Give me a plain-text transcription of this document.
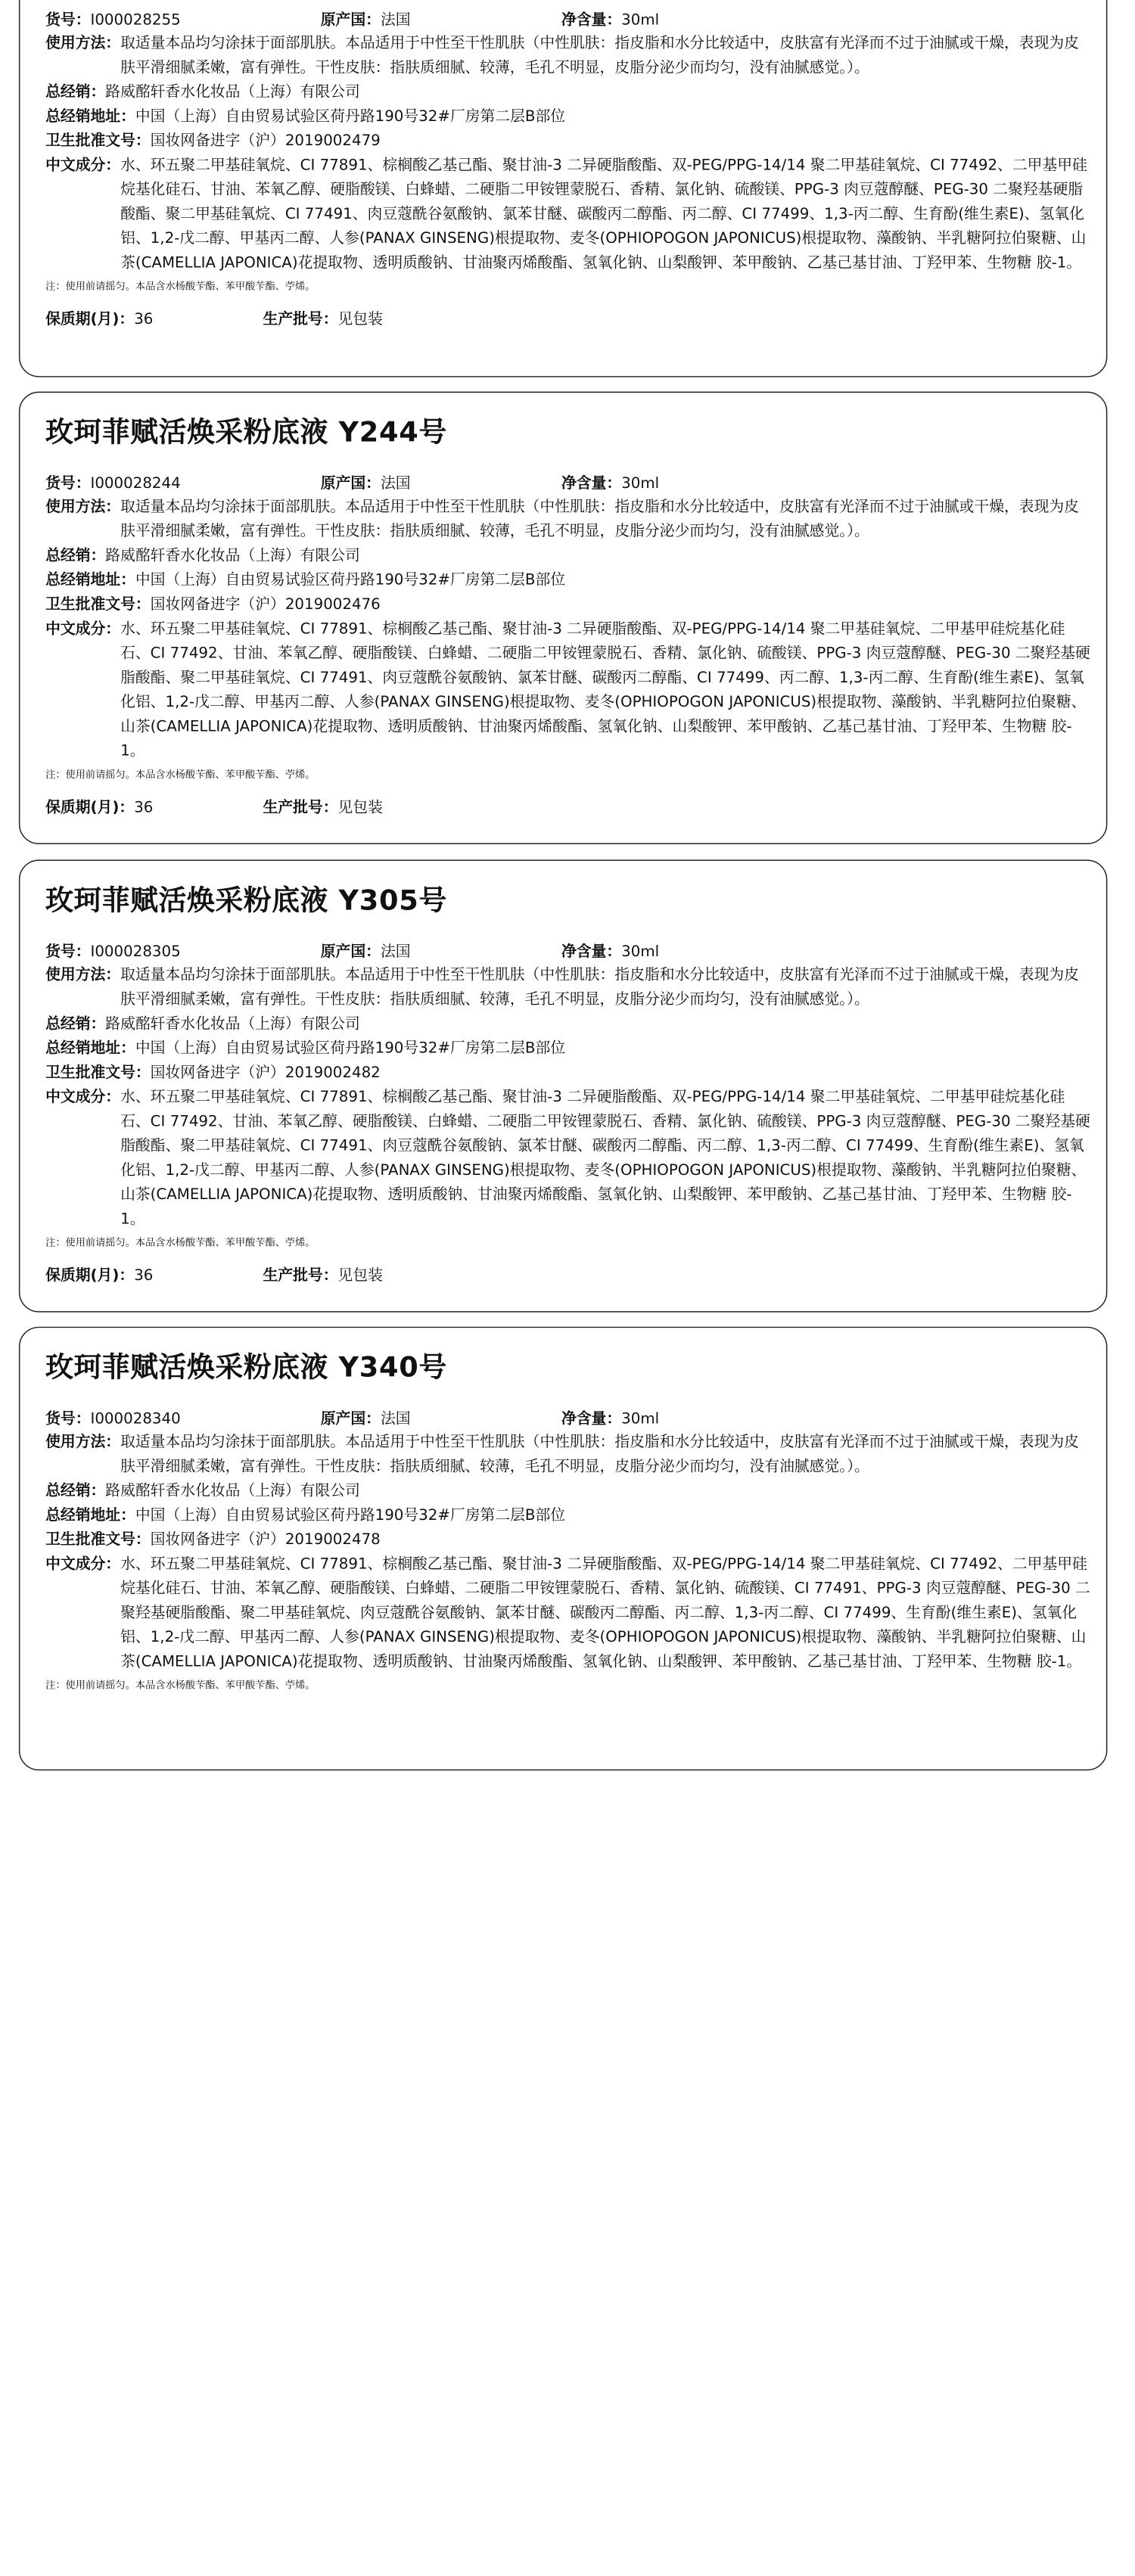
货号：I000028255	原产国：法国	净含量：30ml
使用方法： 取适量本品均匀涂抹于面部肌肤。本品适用于中性至干性肌肤（中性肌肤：指皮脂和水分比较适中，皮肤富有光泽而不过于油腻或干燥，表现为皮肤平滑细腻柔嫩，富有弹性。干性皮肤：指肤质细腻、较薄，毛孔不明显，皮脂分泌少而均匀，没有油腻感觉。）。
总经销： 路威酩轩香水化妆品（上海）有限公司
总经销地址： 中国（上海）自由贸易试验区荷丹路190号32#厂房第二层B部位
卫生批准文号： 国妆网备进字（沪）2019002479
中文成分： 水、环五聚二甲基硅氧烷、CI 77891、棕榈酸乙基己酯、聚甘油-3 二异硬脂酸酯、双-PEG/PPG-14/14 聚二甲基硅氧烷、CI 77492、二甲基甲硅烷基化硅石、甘油、苯氧乙醇、硬脂酸镁、白蜂蜡、二硬脂二甲铵锂蒙脱石、香精、氯化钠、硫酸镁、PPG-3 肉豆蔻醇醚、PEG-30 二聚羟基硬脂酸酯、聚二甲基硅氧烷、CI 77491、肉豆蔻酰谷氨酸钠、氯苯甘醚、碳酸丙二醇酯、丙二醇、CI 77499、1,3-丙二醇、生育酚(维生素E)、氢氧化铝、1,2-戊二醇、甲基丙二醇、人参(PANAX GINSENG)根提取物、麦冬(OPHIOPOGON JAPONICUS)根提取物、藻酸钠、半乳糖阿拉伯聚糖、山茶(CAMELLIA JAPONICA)花提取物、透明质酸钠、甘油聚丙烯酸酯、氢氧化钠、山梨酸钾、苯甲酸钠、乙基己基甘油、丁羟甲苯、生物糖 胶-1。
注：使用前请摇匀。本品含水杨酸苄酯、苯甲酸苄酯、苧烯。
保质期(月)：36	生产批号：见包装
玫珂菲赋活焕采粉底液 Y244号
货号：I000028244	原产国：法国	净含量：30ml
使用方法： 取适量本品均匀涂抹于面部肌肤。本品适用于中性至干性肌肤（中性肌肤：指皮脂和水分比较适中，皮肤富有光泽而不过于油腻或干燥，表现为皮肤平滑细腻柔嫩，富有弹性。干性皮肤：指肤质细腻、较薄，毛孔不明显，皮脂分泌少而均匀，没有油腻感觉。）。
总经销： 路威酩轩香水化妆品（上海）有限公司
总经销地址： 中国（上海）自由贸易试验区荷丹路190号32#厂房第二层B部位
卫生批准文号： 国妆网备进字（沪）2019002476
中文成分： 水、环五聚二甲基硅氧烷、CI 77891、棕榈酸乙基己酯、聚甘油-3 二异硬脂酸酯、双-PEG/PPG-14/14 聚二甲基硅氧烷、二甲基甲硅烷基化硅石、CI 77492、甘油、苯氧乙醇、硬脂酸镁、白蜂蜡、二硬脂二甲铵锂蒙脱石、香精、氯化钠、硫酸镁、PPG-3 肉豆蔻醇醚、PEG-30 二聚羟基硬脂酸酯、聚二甲基硅氧烷、CI 77491、肉豆蔻酰谷氨酸钠、氯苯甘醚、碳酸丙二醇酯、CI 77499、丙二醇、1,3-丙二醇、生育酚(维生素E)、氢氧化铝、1,2-戊二醇、甲基丙二醇、人参(PANAX GINSENG)根提取物、麦冬(OPHIOPOGON JAPONICUS)根提取物、藻酸钠、半乳糖阿拉伯聚糖、山茶(CAMELLIA JAPONICA)花提取物、透明质酸钠、甘油聚丙烯酸酯、氢氧化钠、山梨酸钾、苯甲酸钠、乙基己基甘油、丁羟甲苯、生物糖 胶-1。
注：使用前请摇匀。本品含水杨酸苄酯、苯甲酸苄酯、苧烯。
保质期(月)：36	生产批号：见包装
玫珂菲赋活焕采粉底液 Y305号
货号：I000028305	原产国：法国	净含量：30ml
使用方法： 取适量本品均匀涂抹于面部肌肤。本品适用于中性至干性肌肤（中性肌肤：指皮脂和水分比较适中，皮肤富有光泽而不过于油腻或干燥，表现为皮肤平滑细腻柔嫩，富有弹性。干性皮肤：指肤质细腻、较薄，毛孔不明显，皮脂分泌少而均匀，没有油腻感觉。）。
总经销： 路威酩轩香水化妆品（上海）有限公司
总经销地址： 中国（上海）自由贸易试验区荷丹路190号32#厂房第二层B部位
卫生批准文号： 国妆网备进字（沪）2019002482
中文成分： 水、环五聚二甲基硅氧烷、CI 77891、棕榈酸乙基己酯、聚甘油-3 二异硬脂酸酯、双-PEG/PPG-14/14 聚二甲基硅氧烷、二甲基甲硅烷基化硅石、CI 77492、甘油、苯氧乙醇、硬脂酸镁、白蜂蜡、二硬脂二甲铵锂蒙脱石、香精、氯化钠、硫酸镁、PPG-3 肉豆蔻醇醚、PEG-30 二聚羟基硬脂酸酯、聚二甲基硅氧烷、CI 77491、肉豆蔻酰谷氨酸钠、氯苯甘醚、碳酸丙二醇酯、丙二醇、1,3-丙二醇、CI 77499、生育酚(维生素E)、氢氧化铝、1,2-戊二醇、甲基丙二醇、人参(PANAX GINSENG)根提取物、麦冬(OPHIOPOGON JAPONICUS)根提取物、藻酸钠、半乳糖阿拉伯聚糖、山茶(CAMELLIA JAPONICA)花提取物、透明质酸钠、甘油聚丙烯酸酯、氢氧化钠、山梨酸钾、苯甲酸钠、乙基己基甘油、丁羟甲苯、生物糖 胶-1。
注：使用前请摇匀。本品含水杨酸苄酯、苯甲酸苄酯、苧烯。
保质期(月)：36	生产批号：见包装
玫珂菲赋活焕采粉底液 Y340号
货号：I000028340	原产国：法国	净含量：30ml
使用方法： 取适量本品均匀涂抹于面部肌肤。本品适用于中性至干性肌肤（中性肌肤：指皮脂和水分比较适中，皮肤富有光泽而不过于油腻或干燥，表现为皮肤平滑细腻柔嫩，富有弹性。干性皮肤：指肤质细腻、较薄，毛孔不明显，皮脂分泌少而均匀，没有油腻感觉。）。
总经销： 路威酩轩香水化妆品（上海）有限公司
总经销地址： 中国（上海）自由贸易试验区荷丹路190号32#厂房第二层B部位
卫生批准文号： 国妆网备进字（沪）2019002478
中文成分： 水、环五聚二甲基硅氧烷、CI 77891、棕榈酸乙基己酯、聚甘油-3 二异硬脂酸酯、双-PEG/PPG-14/14 聚二甲基硅氧烷、CI 77492、二甲基甲硅烷基化硅石、甘油、苯氧乙醇、硬脂酸镁、白蜂蜡、二硬脂二甲铵锂蒙脱石、香精、氯化钠、硫酸镁、CI 77491、PPG-3 肉豆蔻醇醚、PEG-30 二聚羟基硬脂酸酯、聚二甲基硅氧烷、肉豆蔻酰谷氨酸钠、氯苯甘醚、碳酸丙二醇酯、丙二醇、1,3-丙二醇、CI 77499、生育酚(维生素E)、氢氧化铝、1,2-戊二醇、甲基丙二醇、人参(PANAX GINSENG)根提取物、麦冬(OPHIOPOGON JAPONICUS)根提取物、藻酸钠、半乳糖阿拉伯聚糖、山茶(CAMELLIA JAPONICA)花提取物、透明质酸钠、甘油聚丙烯酸酯、氢氧化钠、山梨酸钾、苯甲酸钠、乙基己基甘油、丁羟甲苯、生物糖 胶-1。
注：使用前请摇匀。本品含水杨酸苄酯、苯甲酸苄酯、苧烯。
